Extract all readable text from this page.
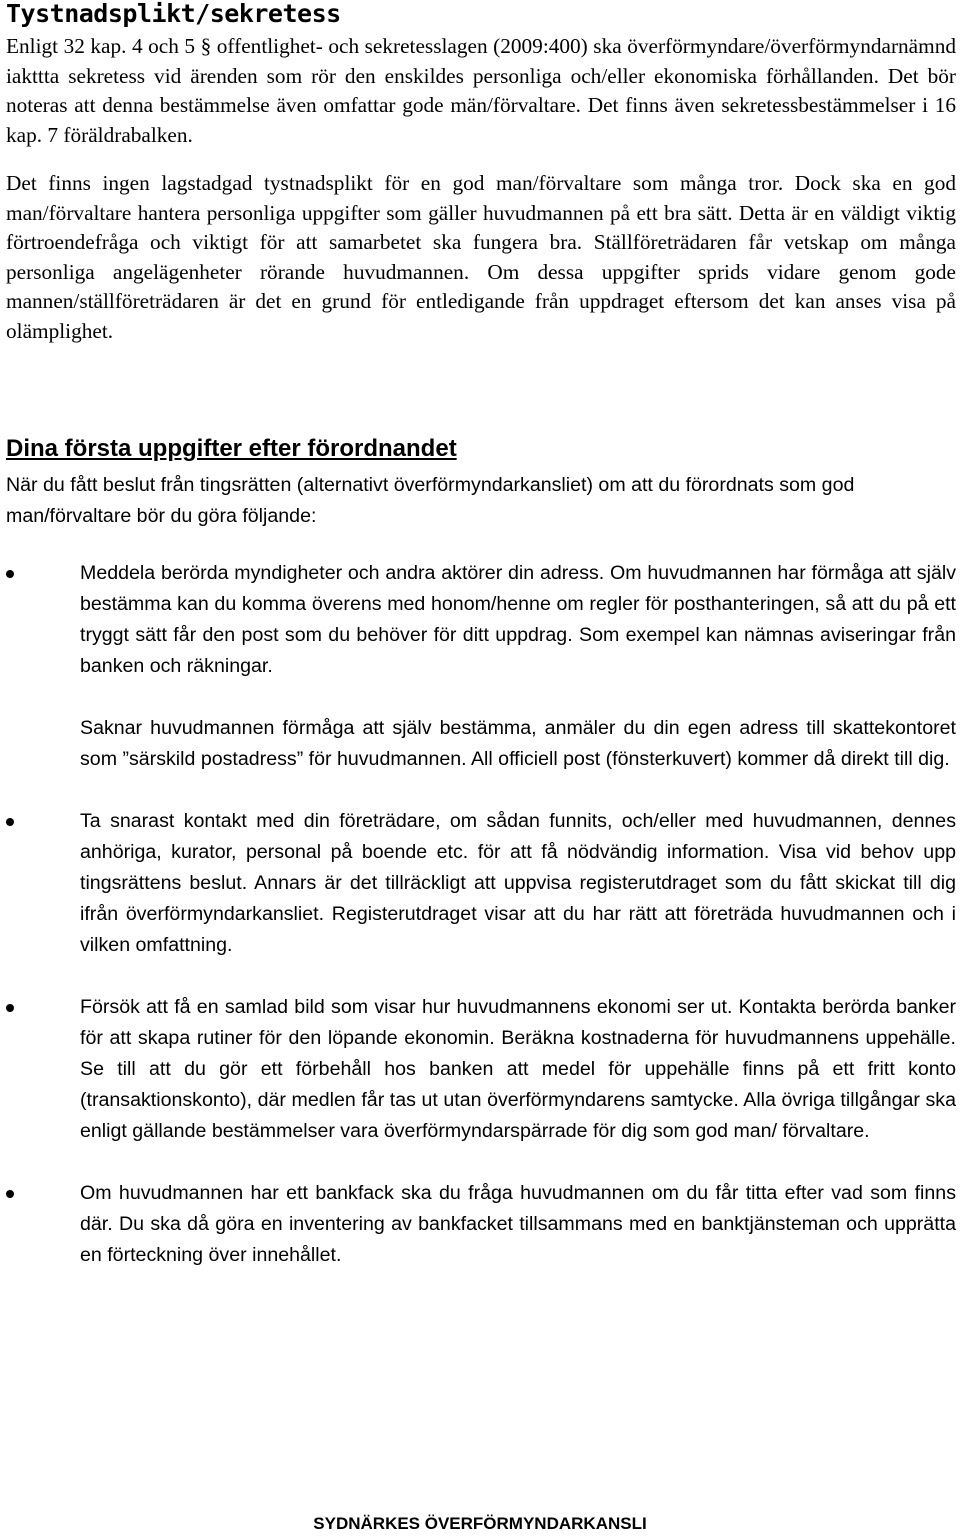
Tystnadsplikt/sekretess

Enligt 32 kap. 4 och 5 § offentlighet- och sekretesslagen (2009:400) ska överförmyndare/överförmyndarnämnd iakttta sekretess vid ärenden som rör den enskildes personliga och/eller ekonomiska förhållanden. Det bör noteras att denna bestämmelse även omfattar gode män/förvaltare. Det finns även sekretessbestämmelser i 16 kap. 7 föräldrabalken.

Det finns ingen lagstadgad tystnadsplikt för en god man/förvaltare som många tror. Dock ska en god man/förvaltare hantera personliga uppgifter som gäller huvudmannen på ett bra sätt. Detta är en väldigt viktig förtroendefråga och viktigt för att samarbetet ska fungera bra. Ställföreträdaren får vetskap om många personliga angelägenheter rörande huvudmannen. Om dessa uppgifter sprids vidare genom gode mannen/ställföreträdaren är det en grund för entledigande från uppdraget eftersom det kan anses visa på olämplighet.

Dina första uppgifter efter förordnandet

När du fått beslut från tingsrätten (alternativt överförmyndarkansliet) om att du förordnats som god man/förvaltare bör du göra följande:

Meddela berörda myndigheter och andra aktörer din adress. Om huvudmannen har förmåga att själv bestämma kan du komma överens med honom/henne om regler för posthanteringen, så att du på ett tryggt sätt får den post som du behöver för ditt uppdrag. Som exempel kan nämnas aviseringar från banken och räkningar.

Saknar huvudmannen förmåga att själv bestämma, anmäler du din egen adress till skattekontoret som ”särskild postadress” för huvudmannen. All officiell post (fönsterkuvert) kommer då direkt till dig.

Ta snarast kontakt med din företrädare, om sådan funnits, och/eller med huvudmannen, dennes anhöriga, kurator, personal på boende etc. för att få nödvändig information. Visa vid behov upp tingsrättens beslut. Annars är det tillräckligt att uppvisa registerutdraget som du fått skickat till dig ifrån överförmyndarkansliet. Registerutdraget visar att du har rätt att företräda huvudmannen och i vilken omfattning.

Försök att få en samlad bild som visar hur huvudmannens ekonomi ser ut. Kontakta berörda banker för att skapa rutiner för den löpande ekonomin. Beräkna kostnaderna för huvudmannens uppehälle. Se till att du gör ett förbehåll hos banken att medel för uppehälle finns på ett fritt konto (transaktionskonto), där medlen får tas ut utan överförmyndarens samtycke. Alla övriga tillgångar ska enligt gällande bestämmelser vara överförmyndarspärrade för dig som god man/ förvaltare.

Om huvudmannen har ett bankfack ska du fråga huvudmannen om du får titta efter vad som finns där. Du ska då göra en inventering av bankfacket tillsammans med en banktjänsteman och upprätta en förteckning över innehållet.

SYDNÄRKES ÖVERFÖRMYNDARKANSLI
